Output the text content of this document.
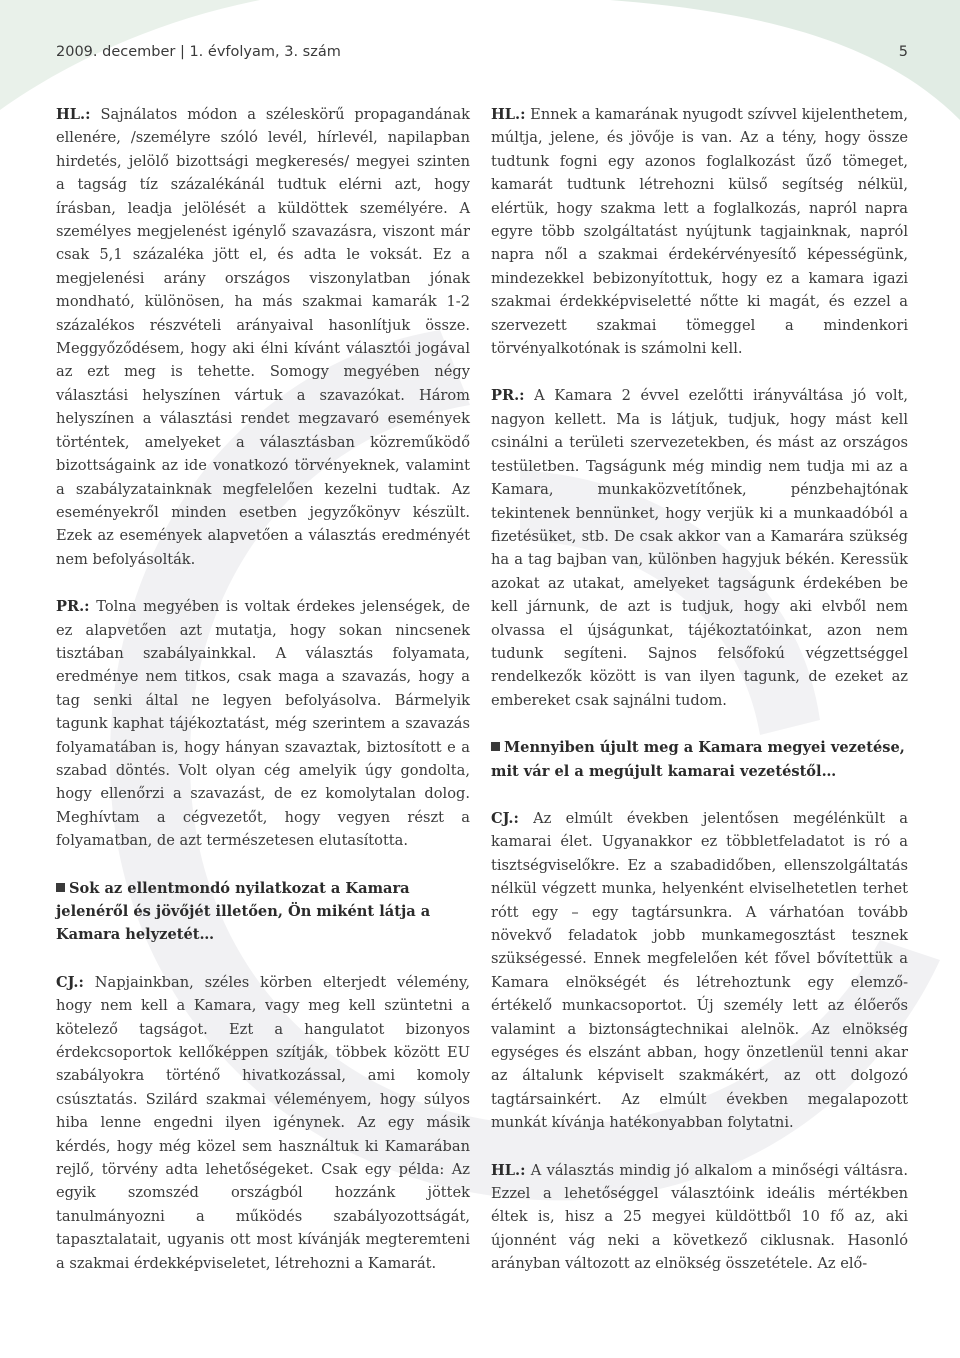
2009. december | 1. évfolyam, 3. szám	5

HL.: Sajnálatos módon a széleskörű propagandának ellenére, /személyre szóló levél, hírlevél, napilapban hirdetés, jelölő bizottsági megkeresés/ megyei szinten a tagság tíz százalékánál tudtuk elérni azt, hogy írásban, leadja jelölését a küldöttek személyére. A személyes megjelenést igénylő szavazásra, viszont már csak 5,1 százaléka jött el, és adta le voksát. Ez a megjelenési arány országos viszonylatban jónak mondható, különösen, ha más szakmai kamarák 1-2 százalékos részvételi arányaival hasonlítjuk össze. Meggyőződésem, hogy aki élni kívánt választói jogával az ezt meg is tehette. Somogy megyében négy választási helyszínen vártuk a szavazókat. Három helyszínen a választási rendet megzavaró események történtek, amelyeket a választásban közreműködő bizottságaink az ide vonatkozó törvényeknek, valamint a szabályzatainknak megfelelően kezelni tudtak. Az eseményekről minden esetben jegyzőkönyv készült. Ezek az események alapvetően a választás eredményét nem befolyásolták.

PR.: Tolna megyében is voltak érdekes jelenségek, de ez alapvetően azt mutatja, hogy sokan nincsenek tisztában szabályainkkal. A választás folyamata, eredménye nem titkos, csak maga a szavazás, hogy a tag senki által ne legyen befolyásolva. Bármelyik tagunk kaphat tájékoztatást, még szerintem a szavazás folyamatában is, hogy hányan szavaztak, biztosított e a szabad döntés. Volt olyan cég amelyik úgy gondolta, hogy ellenőrzi a szavazást, de ez komolytalan dolog. Meghívtam a cégvezetőt, hogy vegyen részt a folyamatban, de azt természetesen elutasította.

Sok az ellentmondó nyilatkozat a Kamara jelenéről és jövőjét illetően, Ön miként látja a Kamara helyzetét…

CJ.: Napjainkban, széles körben elterjedt vélemény, hogy nem kell a Kamara, vagy meg kell szüntetni a kötelező tagságot. Ezt a hangulatot bizonyos érdekcsoportok kellőképpen szítják, többek között EU szabályokra történő hivatkozással, ami komoly csúsztatás. Szilárd szakmai véleményem, hogy súlyos hiba lenne engedni ilyen igénynek. Az egy másik kérdés, hogy még közel sem használtuk ki Kamarában rejlő, törvény adta lehetőségeket. Csak egy példa: Az egyik szomszéd országból hozzánk jöttek tanulmányozni a működés szabályozottságát, tapasztalatait, ugyanis ott most kívánják megteremteni a szakmai érdekképviseletet, létrehozni a Kamarát.

HL.: Ennek a kamarának nyugodt szívvel kijelenthetem, múltja, jelene, és jövője is van. Az a tény, hogy össze tudtunk fogni egy azonos foglalkozást űző tömeget, kamarát tudtunk létrehozni külső segítség nélkül, elértük, hogy szakma lett a foglalkozás, napról napra egyre több szolgáltatást nyújtunk tagjainknak, napról napra nől a szakmai érdekérvényesítő képességünk, mindezekkel bebizonyítottuk, hogy ez a kamara igazi szakmai érdekképviseletté nőtte ki magát, és ezzel a szervezett szakmai tömeggel a mindenkori törvényalkotónak is számolni kell.

PR.: A Kamara 2 évvel ezelőtti irányváltása jó volt, nagyon kellett. Ma is látjuk, tudjuk, hogy mást kell csinálni a területi szervezetekben, és mást az országos testületben. Tagságunk még mindig nem tudja mi az a Kamara, munkaközvetítőnek, pénzbehajtónak tekintenek bennünket, hogy verjük ki a munkaadóból a fizetésüket, stb. De csak akkor van a Kamarára szükség ha a tag bajban van, különben hagyjuk békén. Keressük azokat az utakat, amelyeket tagságunk érdekében be kell járnunk, de azt is tudjuk, hogy aki elvből nem olvassa el újságunkat, tájékoztatóinkat, azon nem tudunk segíteni. Sajnos felsőfokú végzettséggel rendelkezők között is van ilyen tagunk, de ezeket az embereket csak sajnálni tudom.

Mennyiben újult meg a Kamara megyei vezetése, mit vár el a megújult kamarai vezetéstől…

CJ.: Az elmúlt években jelentősen megélénkült a kamarai élet. Ugyanakkor ez többletfeladatot is ró a tisztségviselőkre. Ez a szabadidőben, ellenszolgáltatás nélkül végzett munka, helyenként elviselhetetlen terhet rótt egy – egy tagtársunkra. A várhatóan tovább növekvő feladatok jobb munkamegosztást tesznek szükségessé. Ennek megfelelően két fővel bővítettük a Kamara elnökségét és létrehoztunk egy elemző- értékelő munkacsoportot. Új személy lett az élőerős valamint a biztonságtechnikai alelnök. Az elnökség egységes és elszánt abban, hogy önzetlenül tenni akar az általunk képviselt szakmákért, az ott dolgozó tagtársainkért. Az elmúlt években megalapozott munkát kívánja hatékonyabban folytatni.

HL.: A választás mindig jó alkalom a minőségi váltásra. Ezzel a lehetőséggel választóink ideális mértékben éltek is, hisz a 25 megyei küldöttből 10 fő az, aki újonnént vág neki a következő ciklusnak. Hasonló arányban változott az elnökség összetétele. Az elő-
